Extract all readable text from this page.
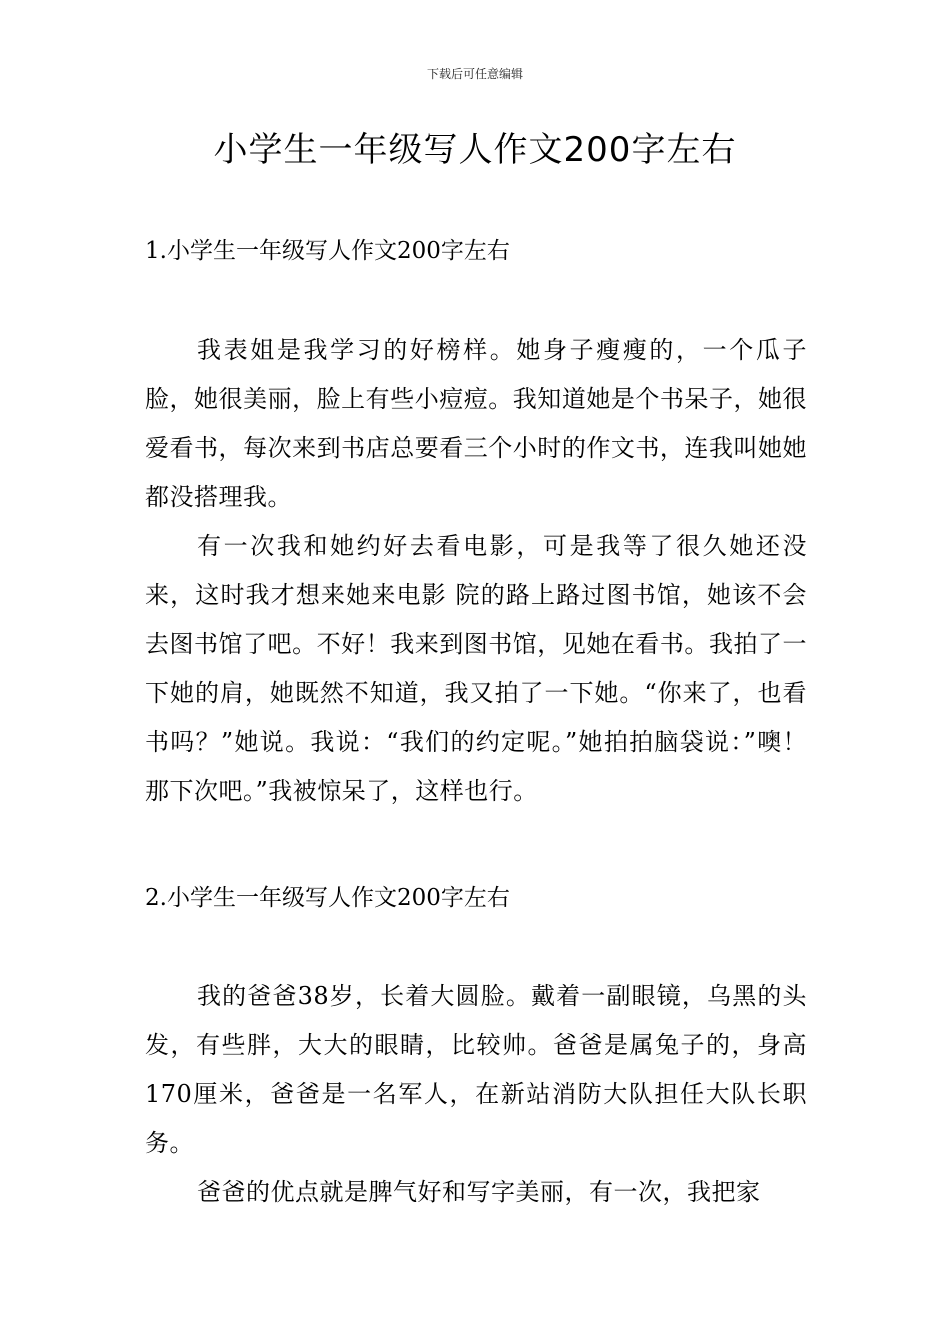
下载后可任意编辑
小学生一年级写人作文200字左右

1.小学生一年级写人作文200字左右

我表姐是我学习的好榜样。她身子瘦瘦的，一个瓜子脸，她很美丽，脸上有些小痘痘。我知道她是个书呆子，她很爱看书，每次来到书店总要看三个小时的作文书，连我叫她她都没搭理我。

有一次我和她约好去看电影，可是我等了很久她还没来，这时我才想来她来电影 院的路上路过图书馆，她该不会去图书馆了吧。不好！我来到图书馆，见她在看书。我拍了一下她的肩，她既然不知道，我又拍了一下她。“你来了，也看书吗？”她说。我说：“我们的约定呢。”她拍拍脑袋说：”噢！那下次吧。”我被惊呆了，这样也行。

2.小学生一年级写人作文200字左右

我的爸爸38岁，长着大圆脸。戴着一副眼镜，乌黑的头发，有些胖，大大的眼睛，比较帅。爸爸是属兔子的，身高170厘米，爸爸是一名军人，在新站消防大队担任大队长职务。

爸爸的优点就是脾气好和写字美丽，有一次，我把家
